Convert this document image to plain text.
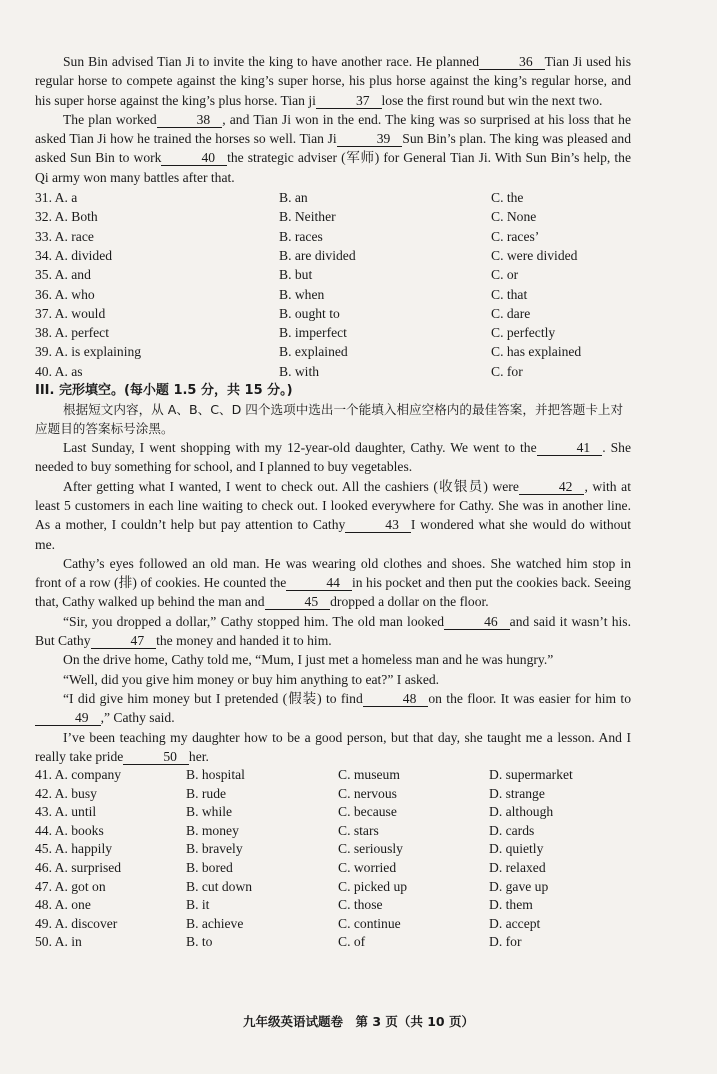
Sun Bin advised Tian Ji to invite the king to have another race. He planned	36 Tian Ji used his regular horse to compete against the king’s super horse, his plus horse against the king’s regular horse, and his super horse against the king’s plus horse. Tian ji	37 lose the first round but win the next two.

The plan worked	38 , and Tian Ji won in the end. The king was so surprised at his loss that he asked Tian Ji how he trained the horses so well. Tian Ji	39 Sun Bin’s plan. The king was pleased and asked Sun Bin to work	40 the strategic adviser (军师) for General Tian Ji. With Sun Bin’s help, the Qi army won many battles after that.

31. A. a	B. an	C. the
32. A. Both	B. Neither	C. None
33. A. race	B. races	C. races’
34. A. divided	B. are divided	C. were divided
35. A. and	B. but	C. or
36. A. who	B. when	C. that
37. A. would	B. ought to	C. dare
38. A. perfect	B. imperfect	C. perfectly
39. A. is explaining	B. explained	C. has explained
40. A. as	B. with	C. for
III. 完形填空。(每小题 1.5 分，共 15 分。)
根据短文内容，从 A、B、C、D 四个选项中选出一个能填入相应空格内的最佳答案，并把答题卡上对应题目的答案标号涂黑。

Last Sunday, I went shopping with my 12-year-old daughter, Cathy. We went to the	41 . She needed to buy something for school, and I planned to buy vegetables.

After getting what I wanted, I went to check out. All the cashiers (收银员) were	42 , with at least 5 customers in each line waiting to check out. I looked everywhere for Cathy. She was in another line. As a mother, I couldn’t help but pay attention to Cathy	43 I wondered what she would do without me.

Cathy’s eyes followed an old man. He was wearing old clothes and shoes. She watched him stop in front of a row (排) of cookies. He counted the	44 in his pocket and then put the cookies back. Seeing that, Cathy walked up behind the man and	45 dropped a dollar on the floor.

“Sir, you dropped a dollar,” Cathy stopped him. The old man looked	46 and said it wasn’t his. But Cathy	47 the money and handed it to him.

On the drive home, Cathy told me, “Mum, I just met a homeless man and he was hungry.”

“Well, did you give him money or buy him anything to eat?” I asked.

“I did give him money but I pretended (假装) to find	48 on the floor. It was easier for him to49 ,” Cathy said.

I’ve been teaching my daughter how to be a good person, but that day, she taught me a lesson. And I really take pride	50 her.

41. A. company	B. hospital	C. museum	D. supermarket
42. A. busy	B. rude	C. nervous	D. strange
43. A. until	B. while	C. because	D. although
44. A. books	B. money	C. stars	D. cards
45. A. happily	B. bravely	C. seriously	D. quietly
46. A. surprised	B. bored	C. worried	D. relaxed
47. A. got on	B. cut down	C. picked up	D. gave up
48. A. one	B. it	C. those	D. them
49. A. discover	B. achieve	C. continue	D. accept
50. A. in	B. to	C. of	D. for
九年级英语试题卷　第 3 页（共 10 页）
